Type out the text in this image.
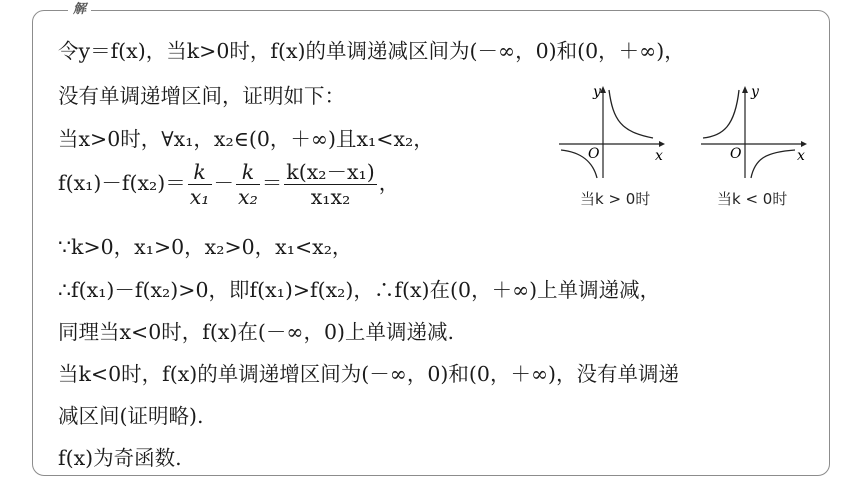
解
令y＝f(x)，当k>0时，f(x)的单调递减区间为(－∞，0)和(0，＋∞)，
没有单调递增区间，证明如下：
当x>0时，∀x₁，x₂∈(0，＋∞)且x₁<x₂，
$f(x_1)-f(x_2)= \frac{k}{\text{x₁}} - \frac{k}{\text{x₂}} = \frac{\text{k(x₂－x₁)}}{\text{x₁x₂}}$ ，
∵k>0，x₁>0，x₂>0，x₁<x₂，
∴f(x₁)－f(x₂)>0，即f(x₁)>f(x₂)，∴f(x)在(0，＋∞)上单调递减，
同理当x<0时，f(x)在(－∞，0)上单调递减.
当k<0时，f(x)的单调递增区间为(－∞，0)和(0，＋∞)，没有单调递
减区间(证明略).
f(x)为奇函数.
y
x
O
当k > 0时
y
x
O
当k < 0时
